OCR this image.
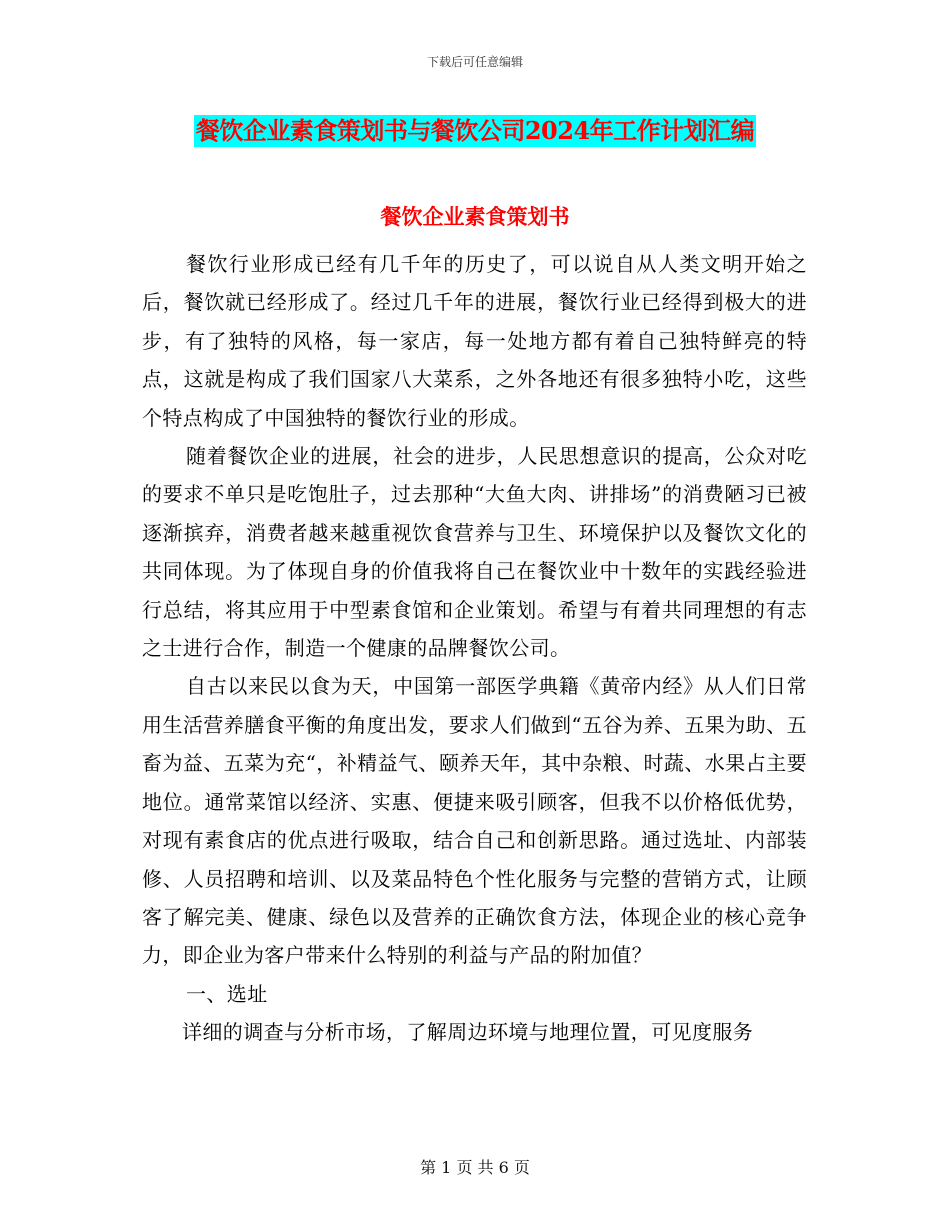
下载后可任意编辑
餐饮企业素食策划书与餐饮公司2024年工作计划汇编
餐饮企业素食策划书

餐饮行业形成已经有几千年的历史了，可以说自从人类文明开始之后，餐饮就已经形成了。经过几千年的进展，餐饮行业已经得到极大的进步，有了独特的风格，每一家店，每一处地方都有着自己独特鲜亮的特点，这就是构成了我们国家八大菜系，之外各地还有很多独特小吃，这些个特点构成了中国独特的餐饮行业的形成。

随着餐饮企业的进展，社会的进步，人民思想意识的提高，公众对吃的要求不单只是吃饱肚子，过去那种“大鱼大肉、讲排场”的消费陋习已被逐渐摈弃，消费者越来越重视饮食营养与卫生、环境保护以及餐饮文化的共同体现。为了体现自身的价值我将自己在餐饮业中十数年的实践经验进行总结，将其应用于中型素食馆和企业策划。希望与有着共同理想的有志之士进行合作，制造一个健康的品牌餐饮公司。

自古以来民以食为天，中国第一部医学典籍《黄帝内经》从人们日常用生活营养膳食平衡的角度出发，要求人们做到“五谷为养、五果为助、五畜为益、五菜为充“，补精益气、颐养天年，其中杂粮、时蔬、水果占主要地位。通常菜馆以经济、实惠、便捷来吸引顾客，但我不以价格低优势，对现有素食店的优点进行吸取，结合自己和创新思路。通过选址、内部装修、人员招聘和培训、以及菜品特色个性化服务与完整的营销方式，让顾客了解完美、健康、绿色以及营养的正确饮食方法，体现企业的核心竞争力，即企业为客户带来什么特别的利益与产品的附加值？

一、选址

详细的调查与分析市场，了解周边环境与地理位置，可见度服务

第 1 页 共 6 页
